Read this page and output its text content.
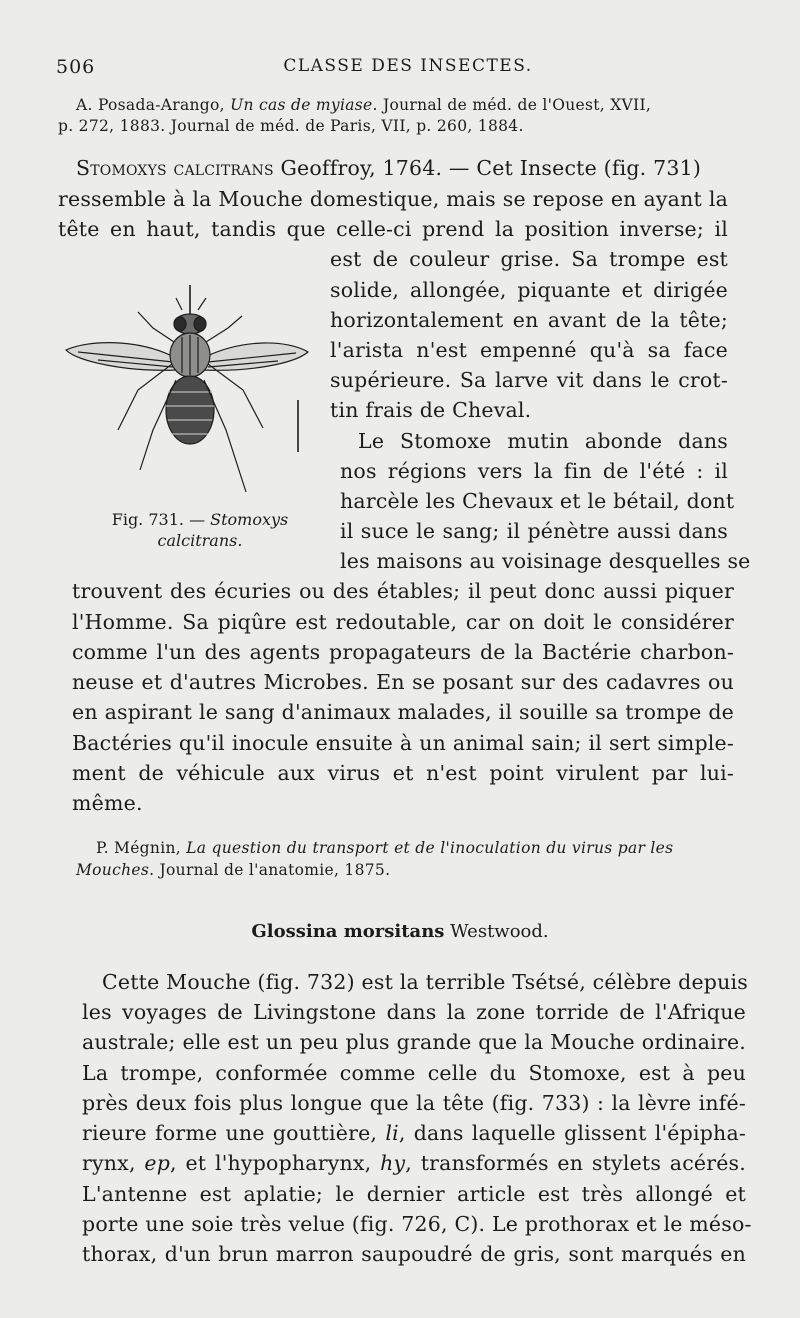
506	CLASSE DES INSECTES.
A. Posada-Arango, Un cas de myiase. Journal de méd. de l'Ouest, XVII,
p. 272, 1883. Journal de méd. de Paris, VII, p. 260, 1884.
Stomoxys calcitrans Geoffroy, 1764. — Cet Insecte (fig. 731)
ressemble à la Mouche domestique, mais se repose en ayant la
tête en haut, tandis que celle-ci prend la position inverse; il
est de couleur grise. Sa trompe est
solide, allongée, piquante et dirigée
horizontalement en avant de la tête;
l'arista n'est empenné qu'à sa face
supérieure. Sa larve vit dans le crot-
tin frais de Cheval.
Le Stomoxe mutin abonde dans
nos régions vers la fin de l'été : il
harcèle les Chevaux et le bétail, dont
il suce le sang; il pénètre aussi dans
les maisons au voisinage desquelles se
Fig. 731. — Stomoxys
calcitrans.
trouvent des écuries ou des étables; il peut donc aussi piquer
l'Homme. Sa piqûre est redoutable, car on doit le considérer
comme l'un des agents propagateurs de la Bactérie charbon-
neuse et d'autres Microbes. En se posant sur des cadavres ou
en aspirant le sang d'animaux malades, il souille sa trompe de
Bactéries qu'il inocule ensuite à un animal sain; il sert simple-
ment de véhicule aux virus et n'est point virulent par lui-
même.
P. Mégnin, La question du transport et de l'inoculation du virus par les
Mouches. Journal de l'anatomie, 1875.
Glossina morsitans Westwood.
Cette Mouche (fig. 732) est la terrible Tsétsé, célèbre depuis
les voyages de Livingstone dans la zone torride de l'Afrique
australe; elle est un peu plus grande que la Mouche ordinaire.
La trompe, conformée comme celle du Stomoxe, est à peu
près deux fois plus longue que la tête (fig. 733) : la lèvre infé-
rieure forme une gouttière, li, dans laquelle glissent l'épipha-
rynx, ep, et l'hypopharynx, hy, transformés en stylets acérés.
L'antenne est aplatie; le dernier article est très allongé et
porte une soie très velue (fig. 726, C). Le prothorax et le méso-
thorax, d'un brun marron saupoudré de gris, sont marqués en
